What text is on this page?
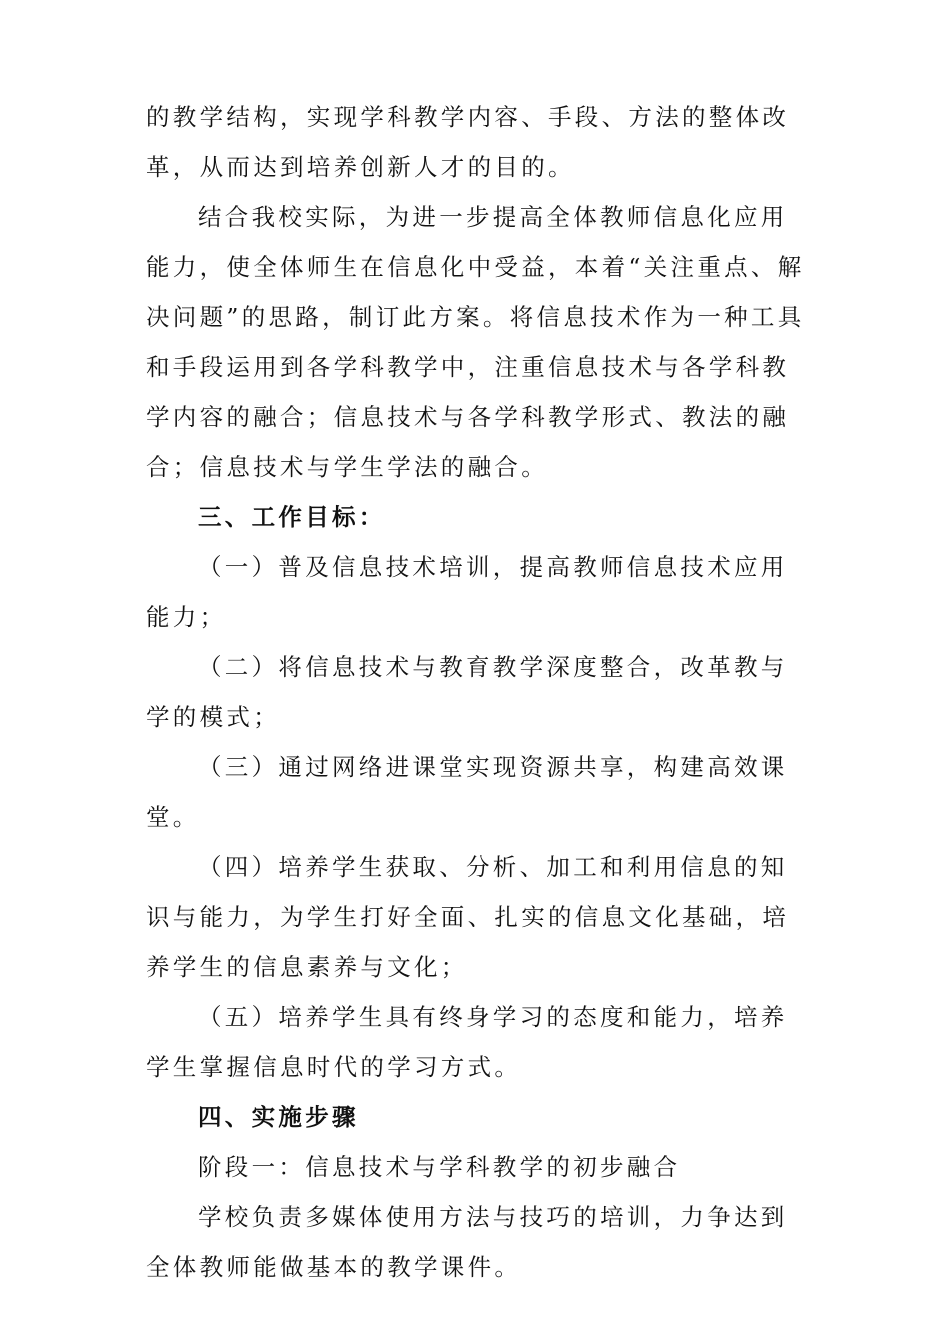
的教学结构，实现学科教学内容、手段、方法的整体改革，从而达到培养创新人才的目的。

结合我校实际，为进一步提高全体教师信息化应用能力，使全体师生在信息化中受益，本着“关注重点、解决问题”的思路，制订此方案。将信息技术作为一种工具和手段运用到各学科教学中，注重信息技术与各学科教学内容的融合；信息技术与各学科教学形式、教法的融合；信息技术与学生学法的融合。

三、工作目标：

（一）普及信息技术培训，提高教师信息技术应用能力；

（二）将信息技术与教育教学深度整合，改革教与学的模式；

（三）通过网络进课堂实现资源共享，构建高效课堂。

（四）培养学生获取、分析、加工和利用信息的知识与能力，为学生打好全面、扎实的信息文化基础，培养学生的信息素养与文化；

（五）培养学生具有终身学习的态度和能力，培养学生掌握信息时代的学习方式。

四、实施步骤

阶段一：信息技术与学科教学的初步融合

学校负责多媒体使用方法与技巧的培训，力争达到全体教师能做基本的教学课件。
